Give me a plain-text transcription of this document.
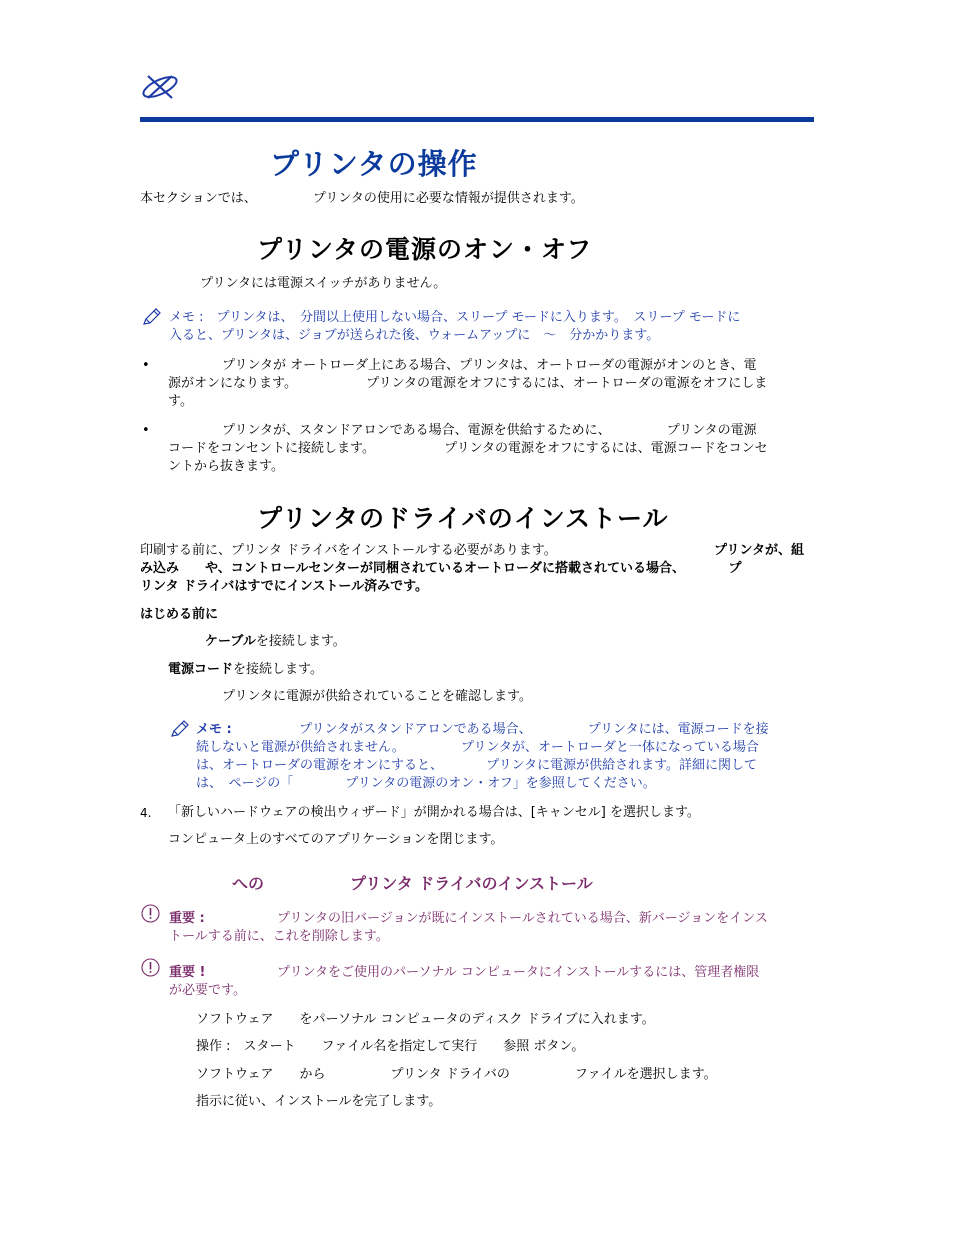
プリンタの操作
本セクションでは、 　　　　プリンタの使用に必要な情報が提供されます。
プリンタの電源のオン・オフ
プリンタには電源スイッチがありません。
メモ :　プリンタは、　分間以上使用しない場合、スリープ モードに入ります。　スリープ モードに
入ると、プリンタは、ジョブが送られた後、ウォームアップに　～　分かかります。
•	プリンタが オートローダ上にある場合、プリンタは、オートローダの電源がオンのとき、電
源がオンになります。 　　　　　プリンタの電源をオフにするには、オートローダの電源をオフにしま
す。
•	プリンタが、スタンドアロンである場合、電源を供給するために、 　　　　プリンタの電源
コードをコンセントに接続します。 　　　　　プリンタの電源をオフにするには、電源コードをコンセ
ントから抜きます。
プリンタのドライバのインストール
印刷する前に、プリンタ ドライバをインストールする必要があります。	プリンタが、組
み込み　　や、コントロールセンターが同梱されているオートローダに搭載されている場合、 　　　プ
リンタ ドライバはすでにインストール済みです。
はじめる前に
ケーブルを接続します。
電源コードを接続します。
プリンタに電源が供給されていることを確認します。
メモ :	プリンタがスタンドアロンである場合、 　　　　プリンタには、電源コードを接
続しないと電源が供給されません。 　　　　プリンタが、オートローダと一体になっている場合
は、オートローダの電源をオンにすると、 　　　プリンタに電源が供給されます。詳細に関して
は、　ページの「　　　　プリンタの電源のオン・オフ」を参照してください。
4. 「新しいハードウェアの検出ウィザード」が開かれる場合は、[キャンセル] を選択します。
コンピュータ上のすべてのアプリケーションを閉じます。
への	プリンタ ドライバのインストール
重要 :	プリンタの旧バージョンが既にインストールされている場合、新バージョンをインス
トールする前に、これを削除します。
重要 !	プリンタをご使用のパーソナル コンピュータにインストールするには、管理者権限
が必要です。
ソフトウェア　　をパーソナル コンピュータのディスク ドライブに入れます。
操作 :　スタート　　ファイル名を指定して実行　　参照 ボタン。
ソフトウェア　　から　　　　　プリンタ ドライバの　　　　　ファイルを選択します。
指示に従い、インストールを完了します。
